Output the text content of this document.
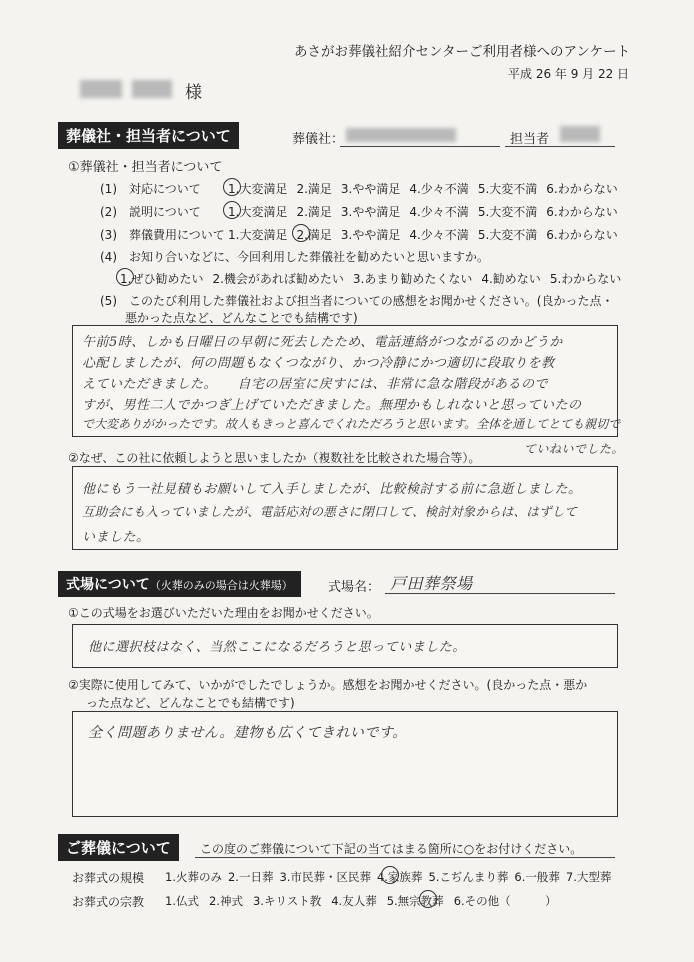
あさがお葬儀社紹介センターご利用者様へのアンケート
平成 26 年 9 月 22 日
様
葬儀社・担当者について	葬儀社：	担当者
①葬儀社・担当者について
(1)　対応について 1.大変満足 2.満足 3.やや満足 4.少々不満 5.大変不満 6.わからない
(2)　説明について 1.大変満足 2.満足 3.やや満足 4.少々不満 5.大変不満 6.わからない
(3)　葬儀費用について 1.大変満足 2.満足 3.やや満足 4.少々不満 5.大変不満 6.わからない
(4)　お知り合いなどに、今回利用した葬儀社を勧めたいと思いますか。
1.ぜひ勧めたい 2.機会があれば勧めたい 3.あまり勧めたくない 4.勧めない 5.わからない
(5)　このたび利用した葬儀社および担当者についての感想をお聞かせください。(良かった点・
悪かった点など、どんなことでも結構です)
午前5時、しかも日曜日の早朝に死去したため、電話連絡がつながるのかどうか
心配しましたが、何の問題もなくつながり、かつ冷静にかつ適切に段取りを教
えていただきました。　　自宅の居室に戻すには、非常に急な階段があるので
すが、男性二人でかつぎ上げていただきました。無理かもしれないと思っていたの
で大変ありがかったです。故人もきっと喜んでくれただろうと思います。全体を通してとても親切で
ていねいでした。
②なぜ、この社に依頼しようと思いましたか（複数社を比較された場合等）。
他にもう一社見積もお願いして入手しましたが、比較検討する前に急逝しました。
互助会にも入っていましたが、電話応対の悪さに閉口して、検討対象からは、はずして
いました。
式場について（火葬のみの場合は火葬場）	式場名： 戸田葬祭場
①この式場をお選びいただいた理由をお聞かせください。
他に選択枝はなく、当然ここになるだろうと思っていました。
②実際に使用してみて、いかがでしたでしょうか。感想をお聞かせください。(良かった点・悪か
った点など、どんなことでも結構です)
全く問題ありません。建物も広くてきれいです。
ご葬儀について	この度のご葬儀について下記の当てはまる箇所に○をお付けください。
お葬式の規模 1.火葬のみ 2.一日葬 3.市民葬・区民葬 4.家族葬 5.こぢんまり葬 6.一般葬 7.大型葬
お葬式の宗教 1.仏式 2.神式 3.キリスト教 4.友人葬 5.無宗教葬 6.その他（　　　）
